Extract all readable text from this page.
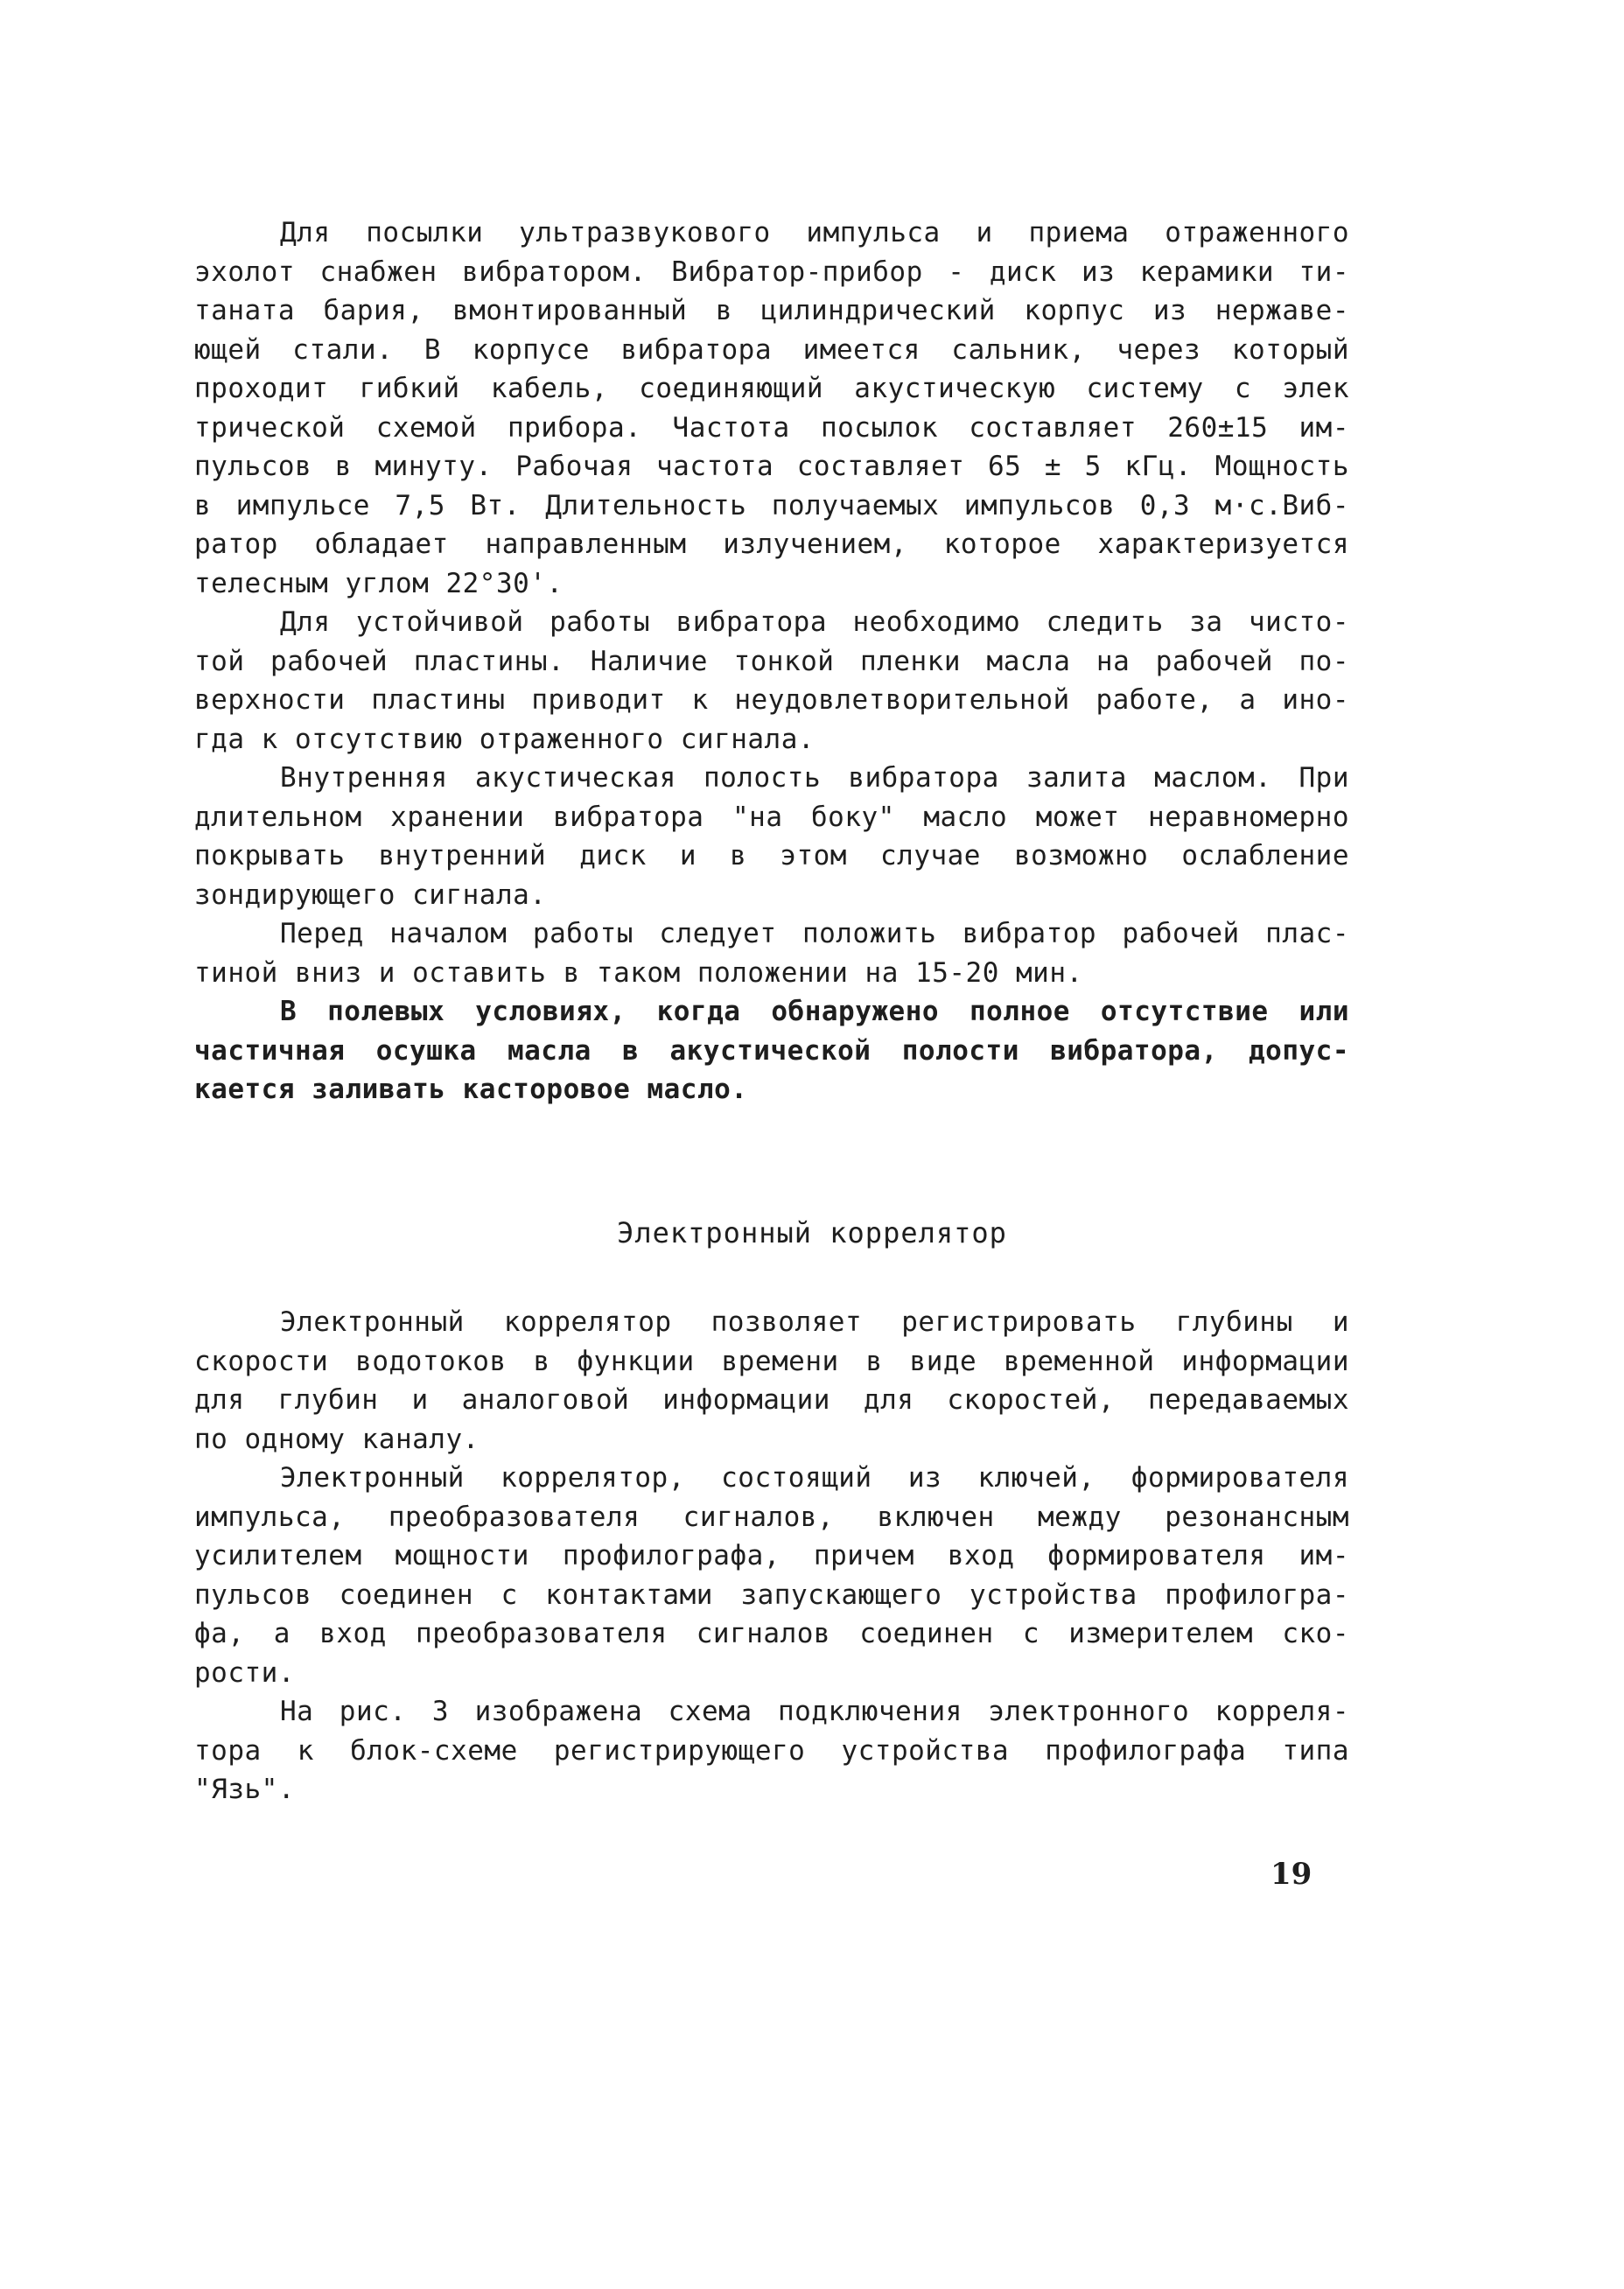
Для посылки ультразвукового импульса и приема отраженного
эхолот снабжен вибратором. Вибратор-прибор - диск из керамики ти-
таната бария, вмонтированный в цилиндрический корпус из нержаве-
ющей стали. В корпусе вибратора имеется сальник, через который
проходит гибкий кабель, соединяющий акустическую систему с элек
трической схемой прибора. Частота посылок составляет 260±15 им-
пульсов в минуту. Рабочая частота составляет 65 ± 5 кГц. Мощность
в импульсе 7,5 Вт. Длительность получаемых импульсов 0,3 м·с.Виб-
ратор обладает направленным излучением, которое характеризуется
телесным углом 22°30'.
Для устойчивой работы вибратора необходимо следить за чисто-
той рабочей пластины. Наличие тонкой пленки масла на рабочей по-
верхности пластины приводит к неудовлетворительной работе, а ино-
гда к отсутствию отраженного сигнала.
Внутренняя акустическая полость вибратора залита маслом. При
длительном хранении вибратора "на боку" масло может неравномерно
покрывать внутренний диск и в этом случае возможно ослабление
зондирующего сигнала.
Перед началом работы следует положить вибратор рабочей плас-
тиной вниз и оставить в таком положении на 15-20 мин.
В полевых условиях, когда обнаружено полное отсутствие или
частичная осушка масла в акустической полости вибратора, допус-
кается заливать касторовое масло.
Электронный коррелятор
Электронный коррелятор позволяет регистрировать глубины и
скорости водотоков в функции времени в виде временной информации
для глубин и аналоговой информации для скоростей, передаваемых
по одному каналу.
Электронный коррелятор, состоящий из ключей, формирователя
импульса, преобразователя сигналов, включен между резонансным
усилителем мощности профилографа, причем вход формирователя им-
пульсов соединен с контактами запускающего устройства профилогра-
фа, а вход преобразователя сигналов соединен с измерителем ско-
рости.
На рис. 3 изображена схема подключения электронного корреля-
тора к блок-схеме регистрирующего устройства профилографа типа
"Язь".
19
